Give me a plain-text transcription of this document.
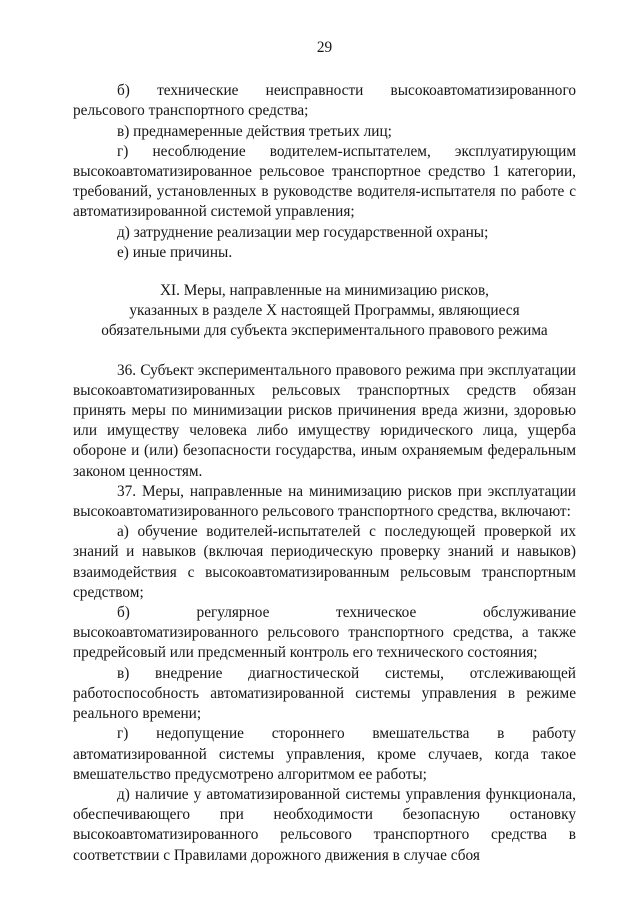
29

б) технические неисправности высокоавтоматизированного рельсового транспортного средства;

в) преднамеренные действия третьих лиц;

г) несоблюдение водителем-испытателем, эксплуатирующим высокоавтоматизированное рельсовое транспортное средство 1 категории, требований, установленных в руководстве водителя-испытателя по работе с автоматизированной системой управления;

д) затруднение реализации мер государственной охраны;

е) иные причины.

XI. Меры, направленные на минимизацию рисков,
указанных в разделе X настоящей Программы, являющиеся
обязательными для субъекта экспериментального правового режима

36. Субъект экспериментального правового режима при эксплуатации высокоавтоматизированных рельсовых транспортных средств обязан принять меры по минимизации рисков причинения вреда жизни, здоровью или имуществу человека либо имуществу юридического лица, ущерба обороне и (или) безопасности государства, иным охраняемым федеральным законом ценностям.

37. Меры, направленные на минимизацию рисков при эксплуатации высокоавтоматизированного рельсового транспортного средства, включают:

а) обучение водителей-испытателей с последующей проверкой их знаний и навыков (включая периодическую проверку знаний и навыков) взаимодействия с высокоавтоматизированным рельсовым транспортным средством;

б) регулярное техническое обслуживание высокоавтоматизированного рельсового транспортного средства, а также предрейсовый или предсменный контроль его технического состояния;

в) внедрение диагностической системы, отслеживающей работоспособность автоматизированной системы управления в режиме реального времени;

г) недопущение стороннего вмешательства в работу автоматизированной системы управления, кроме случаев, когда такое вмешательство предусмотрено алгоритмом ее работы;

д) наличие у автоматизированной системы управления функционала, обеспечивающего при необходимости безопасную остановку высокоавтоматизированного рельсового транспортного средства в соответствии с Правилами дорожного движения в случае сбоя
